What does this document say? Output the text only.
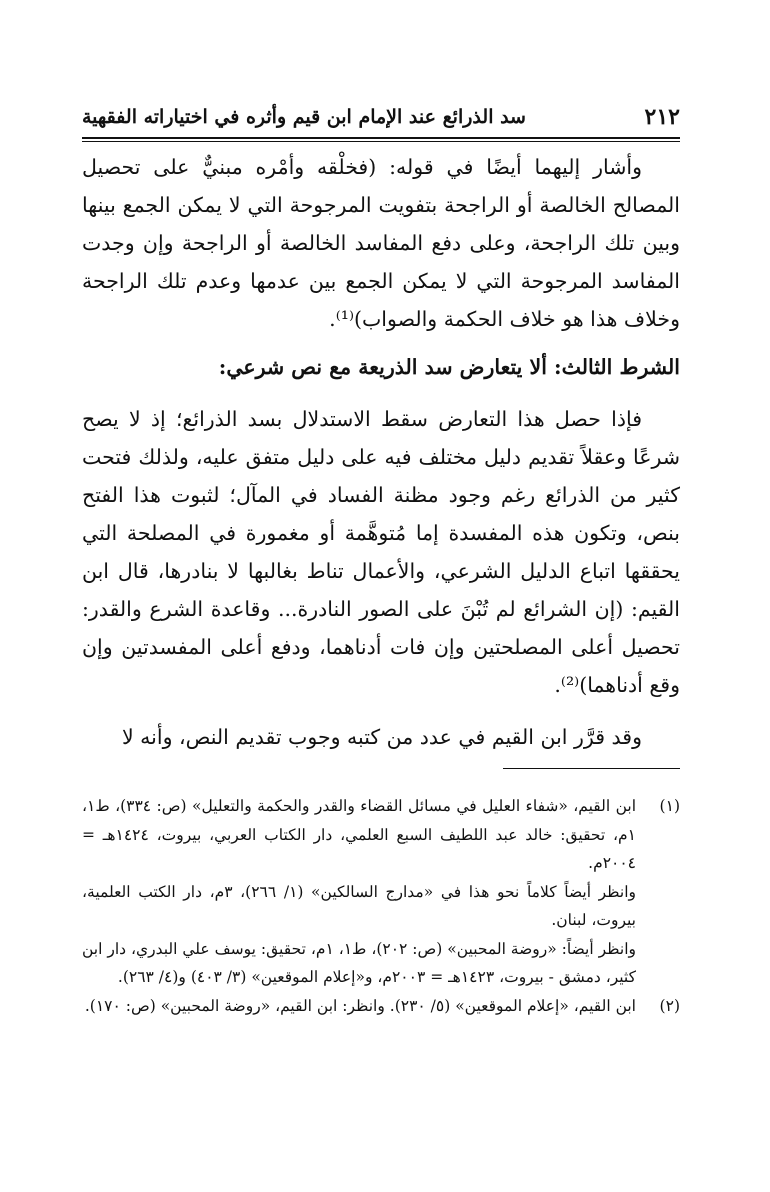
٢١٢
سد الذرائع عند الإمام ابن قيم وأثره في اختياراته الفقهية

وأشار إليهما أيضًا في قوله: (فخلْقه وأمْره مبنيٌّ على تحصيل المصالح الخالصة أو الراجحة بتفويت المرجوحة التي لا يمكن الجمع بينها وبين تلك الراجحة، وعلى دفع المفاسد الخالصة أو الراجحة وإن وجدت المفاسد المرجوحة التي لا يمكن الجمع بين عدمها وعدم تلك الراجحة وخلاف هذا هو خلاف الحكمة والصواب)⁽¹⁾.

الشرط الثالث: ألا يتعارض سد الذريعة مع نص شرعي:

فإذا حصل هذا التعارض سقط الاستدلال بسد الذرائع؛ إذ لا يصح شرعًا وعقلاً تقديم دليل مختلف فيه على دليل متفق عليه، ولذلك فتحت كثير من الذرائع رغم وجود مظنة الفساد في المآل؛ لثبوت هذا الفتح بنص، وتكون هذه المفسدة إما مُتوهَّمة أو مغمورة في المصلحة التي يحققها اتباع الدليل الشرعي، والأعمال تناط بغالبها لا بنادرها، قال ابن القيم: (إن الشرائع لم تُبْنَ على الصور النادرة... وقاعدة الشرع والقدر: تحصيل أعلى المصلحتين وإن فات أدناهما، ودفع أعلى المفسدتين وإن وقع أدناهما)⁽²⁾.

وقد قرَّر ابن القيم في عدد من كتبه وجوب تقديم النص، وأنه لا

(١)
ابن القيم، «شفاء العليل في مسائل القضاء والقدر والحكمة والتعليل» (ص: ٣٣٤)، ط١، ١م، تحقيق: خالد عبد اللطيف السبع العلمي، دار الكتاب العربي، بيروت، ١٤٢٤هـ = ٢٠٠٤م.
وانظر أيضاً كلاماً نحو هذا في «مدارج السالكين» (١/ ٢٦٦)، ٣م، دار الكتب العلمية، بيروت، لبنان.
وانظر أيضاً: «روضة المحبين» (ص: ٢٠٢)، ط١، ١م، تحقيق: يوسف علي البدري، دار ابن كثير، دمشق - بيروت، ١٤٢٣هـ = ٢٠٠٣م، و«إعلام الموقعين» (٣/ ٤٠٣) و(٤/ ٢٦٣).
(٢)
ابن القيم، «إعلام الموقعين» (٥/ ٢٣٠). وانظر: ابن القيم، «روضة المحبين» (ص: ١٧٠).
